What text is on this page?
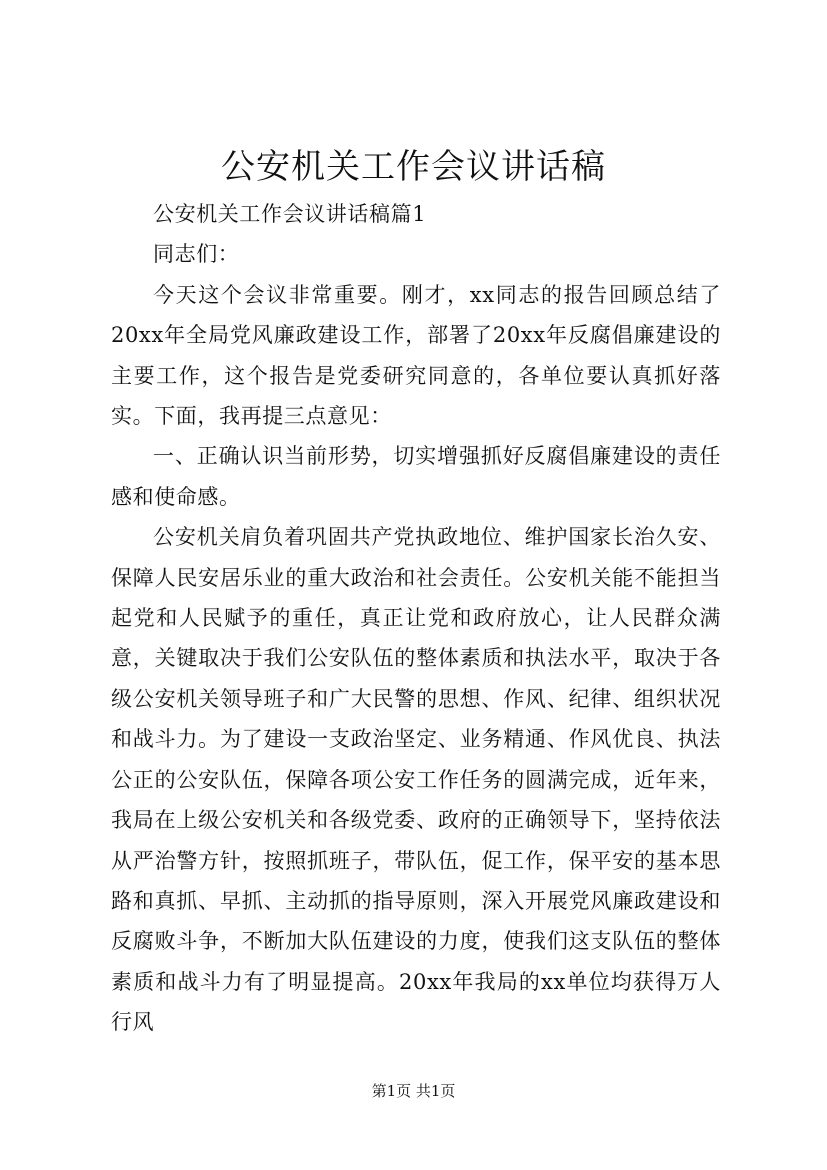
公安机关工作会议讲话稿

公安机关工作会议讲话稿篇1

同志们：

今天这个会议非常重要。刚才，xx同志的报告回顾总结了20xx年全局党风廉政建设工作，部署了20xx年反腐倡廉建设的主要工作，这个报告是党委研究同意的，各单位要认真抓好落实。下面，我再提三点意见：

一、正确认识当前形势，切实增强抓好反腐倡廉建设的责任感和使命感。

公安机关肩负着巩固共产党执政地位、维护国家长治久安、保障人民安居乐业的重大政治和社会责任。公安机关能不能担当起党和人民赋予的重任，真正让党和政府放心，让人民群众满意，关键取决于我们公安队伍的整体素质和执法水平，取决于各级公安机关领导班子和广大民警的思想、作风、纪律、组织状况和战斗力。为了建设一支政治坚定、业务精通、作风优良、执法公正的公安队伍，保障各项公安工作任务的圆满完成，近年来，我局在上级公安机关和各级党委、政府的正确领导下，坚持依法从严治警方针，按照抓班子，带队伍，促工作，保平安的基本思路和真抓、早抓、主动抓的指导原则，深入开展党风廉政建设和反腐败斗争，不断加大队伍建设的力度，使我们这支队伍的整体素质和战斗力有了明显提高。20xx年我局的xx单位均获得万人行风

第1页 共1页
